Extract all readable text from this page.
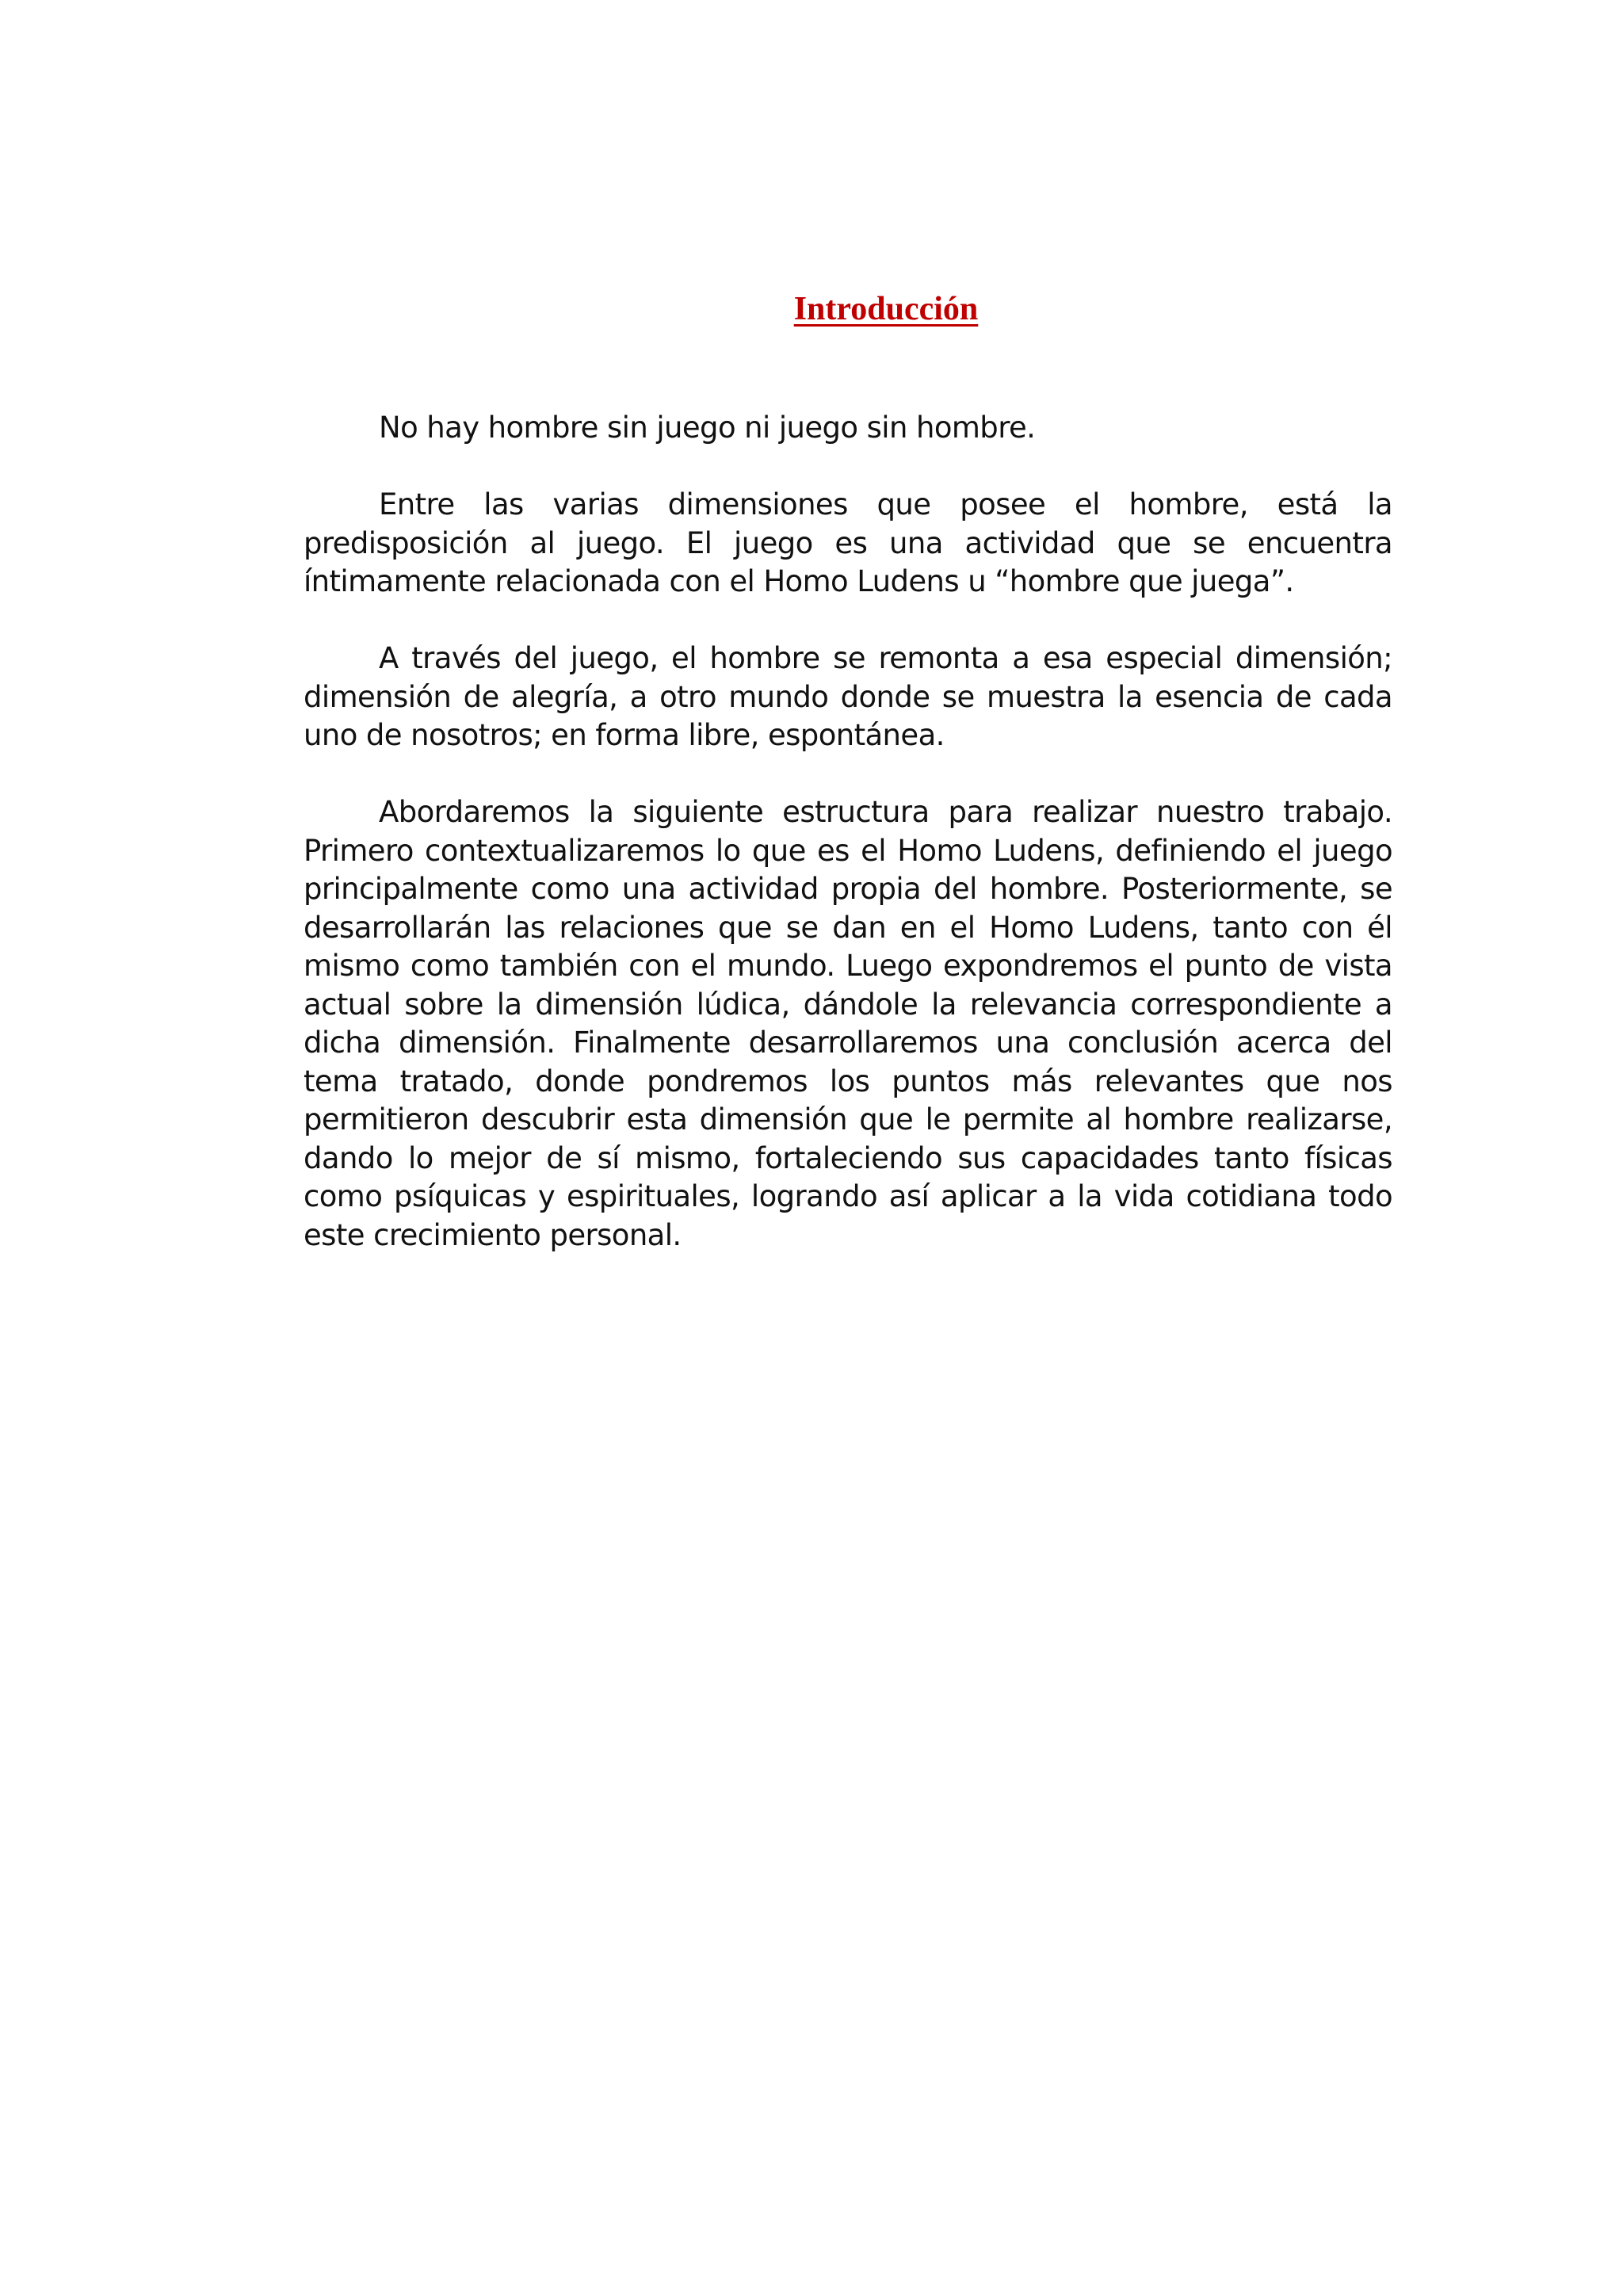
Introducción

No hay hombre sin juego ni juego sin hombre.

Entre las varias dimensiones que posee el hombre, está la predisposición al juego. El juego es una actividad que se encuentra íntimamente relacionada con el Homo Ludens u “hombre que juega”.

A través del juego, el hombre se remonta a esa especial dimensión; dimensión de alegría, a otro mundo donde se muestra la esencia de cada uno de nosotros; en forma libre, espontánea.

Abordaremos la siguiente estructura para realizar nuestro trabajo. Primero contextualizaremos lo que es el Homo Ludens, definiendo el juego principalmente como una actividad propia del hombre. Posteriormente, se desarrollarán las relaciones que se dan en el Homo Ludens, tanto con él mismo como también con el mundo. Luego expondremos el punto de vista actual sobre la dimensión lúdica, dándole la relevancia correspondiente a dicha dimensión. Finalmente desarrollaremos una conclusión acerca del tema tratado, donde pondremos los puntos más relevantes que nos permitieron descubrir esta dimensión que le permite al hombre realizarse, dando lo mejor de sí mismo, fortaleciendo sus capacidades tanto físicas como psíquicas y espirituales, logrando así aplicar a la vida cotidiana todo este crecimiento personal.
